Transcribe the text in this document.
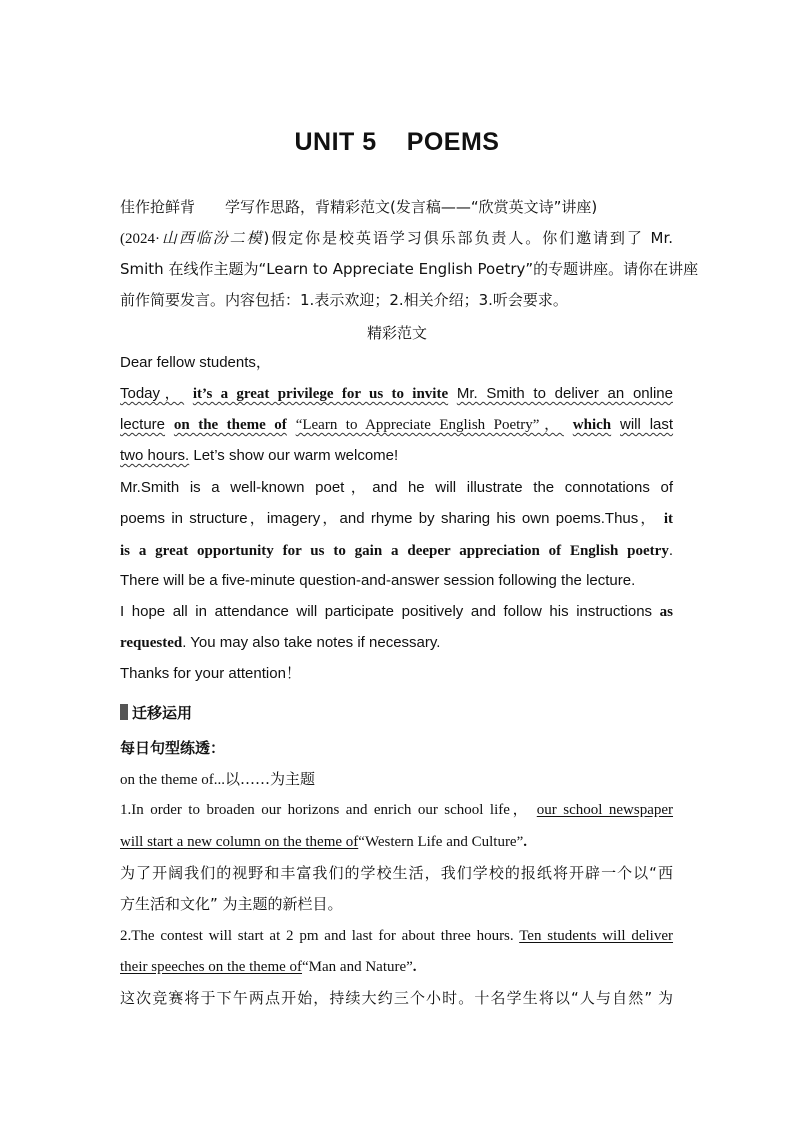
UNIT 5 POEMS
佳作抢鲜背 学写作思路，背精彩范文(发言稿——“欣赏英文诗”讲座)
(2024·山西临汾二模)假定你是校英语学习俱乐部负责人。你们邀请到了 Mr.
Smith 在线作主题为“Learn to Appreciate English Poetry”的专题讲座。请你在讲座
前作简要发言。内容包括：1.表示欢迎；2.相关介绍；3.听会要求。
精彩范文
Dear fellow students，
Today， it’s a great privilege for us to invite Mr. Smith to deliver an online
lecture on the theme of “Learn to Appreciate English Poetry”， which will last
two hours. Let’s show our warm welcome!
Mr.Smith is a well-known poet，and he will illustrate the connotations of
poems in structure，imagery，and rhyme by sharing his own poems.Thus， it
is a great opportunity for us to gain a deeper appreciation of English poetry.
There will be a five-minute question-and-answer session following the lecture.
I hope all in attendance will participate positively and follow his instructions as
requested. You may also take notes if necessary.
Thanks for your attention！
迁移运用
每日句型练透：
on the theme of...以……为主题
1.In order to broaden our horizons and enrich our school life， our school newspaper
will start a new column on the theme of“Western Life and Culture”.
为了开阔我们的视野和丰富我们的学校生活，我们学校的报纸将开辟一个以“西
方生活和文化” 为主题的新栏目。
2.The contest will start at 2 pm and last for about three hours. Ten students will deliver
their speeches on the theme of“Man and Nature”.
这次竞赛将于下午两点开始，持续大约三个小时。十名学生将以“人与自然” 为
